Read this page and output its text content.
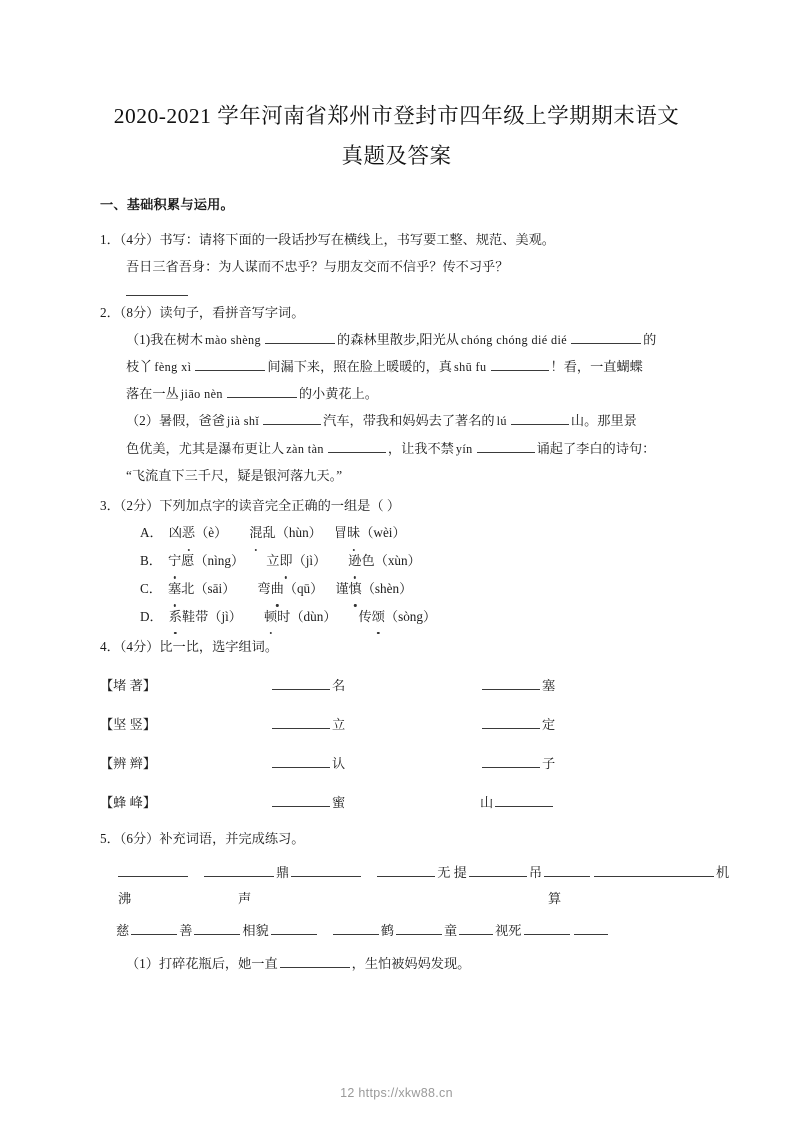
2020-2021 学年河南省郑州市登封市四年级上学期期末语文
真题及答案
一、基础积累与运用。

1．（4分）书写：请将下面的一段话抄写在横线上，书写要工整、规范、美观。

吾日三省吾身：为人谋而不忠乎？与朋友交而不信乎？传不习乎？

2．（8分）读句子，看拼音写字词。

（1)我在树木 mào shèng	的森林里散步,阳光从 chóng chóng dié dié	的

枝丫 fèng xì	间漏下来，照在脸上暖暖的，真 shū fu	！看，一直蝴蝶

落在一丛 jiāo nèn	的小黄花上。

（2）暑假，爸爸 jià shǐ	汽车，带我和妈妈去了著名的 lú	山。那里景

色优美，尤其是瀑布更让人 zàn tàn	，让我不禁 yín	诵起了李白的诗句：

“飞流直下三千尺，疑是银河落九天。”

3．（2分）下列加点字的读音完全正确的一组是（ ）

A． 凶恶（è） 混乱（hùn） 冒昧（wèi）

B． 宁愿（nìng） 立即（jì） 逊色（xùn）

C． 塞北（sāi） 弯曲（qū） 谨慎（shèn）

D． 系鞋带（jì） 顿时（dùn） 传颂（sòng）

4．（4分）比一比，选字组词。

【堵 著】	名	塞
【坚 竖】	立	定
【辨 辫】	认	子
【蜂 峰】	蜜	山

5．（6分）补充词语，并完成练习。

鼎	无 提	吊	机
沸	声	算
慈	善	相貌	鹤	童	视死

（1）打碎花瓶后，她一直	，生怕被妈妈发现。

12 https://xkw88.cn
